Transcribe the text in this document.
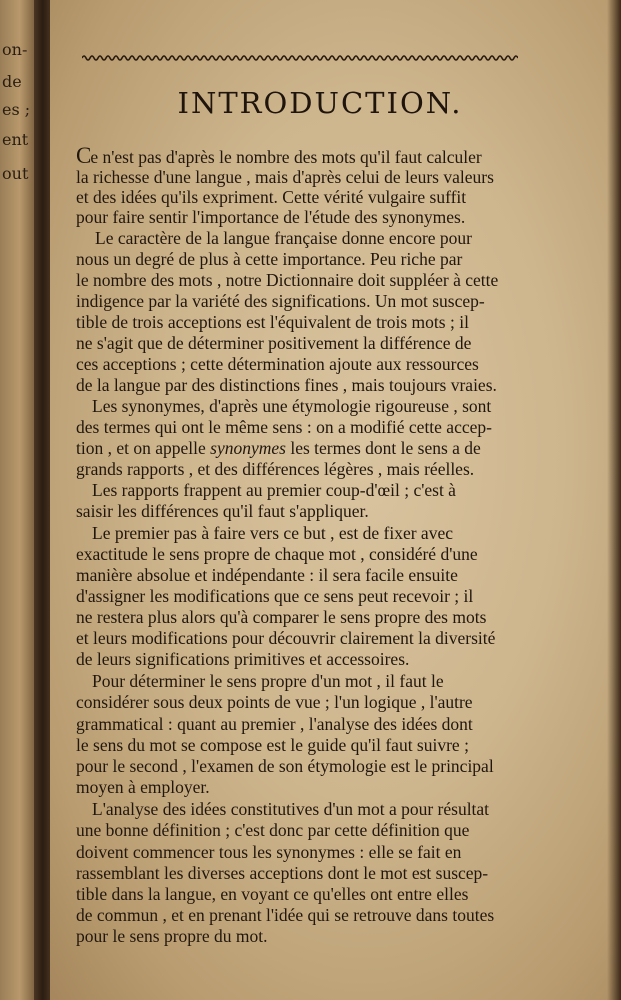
on-
de
es ;
ent
out
INTRODUCTION.
Ce n'est pas d'après le nombre des mots qu'il faut calculer
la richesse d'une langue , mais d'après celui de leurs valeurs
et des idées qu'ils expriment. Cette vérité vulgaire suffit
pour faire sentir l'importance de l'étude des synonymes.
Le caractère de la langue française donne encore pour
nous un degré de plus à cette importance. Peu riche par
le nombre des mots , notre Dictionnaire doit suppléer à cette
indigence par la variété des significations. Un mot suscep-
tible de trois acceptions est l'équivalent de trois mots ; il
ne s'agit que de déterminer positivement la différence de
ces acceptions ; cette détermination ajoute aux ressources
de la langue par des distinctions fines , mais toujours vraies.
Les synonymes, d'après une étymologie rigoureuse , sont
des termes qui ont le même sens : on a modifié cette accep-
tion , et on appelle synonymes les termes dont le sens a de
grands rapports , et des différences légères , mais réelles.
Les rapports frappent au premier coup-d'œil ; c'est à
saisir les différences qu'il faut s'appliquer.
Le premier pas à faire vers ce but , est de fixer avec
exactitude le sens propre de chaque mot , considéré d'une
manière absolue et indépendante : il sera facile ensuite
d'assigner les modifications que ce sens peut recevoir ; il
ne restera plus alors qu'à comparer le sens propre des mots
et leurs modifications pour découvrir clairement la diversité
de leurs significations primitives et accessoires.
Pour déterminer le sens propre d'un mot , il faut le
considérer sous deux points de vue ; l'un logique , l'autre
grammatical : quant au premier , l'analyse des idées dont
le sens du mot se compose est le guide qu'il faut suivre ;
pour le second , l'examen de son étymologie est le principal
moyen à employer.
L'analyse des idées constitutives d'un mot a pour résultat
une bonne définition ; c'est donc par cette définition que
doivent commencer tous les synonymes : elle se fait en
rassemblant les diverses acceptions dont le mot est suscep-
tible dans la langue, en voyant ce qu'elles ont entre elles
de commun , et en prenant l'idée qui se retrouve dans toutes
pour le sens propre du mot.
